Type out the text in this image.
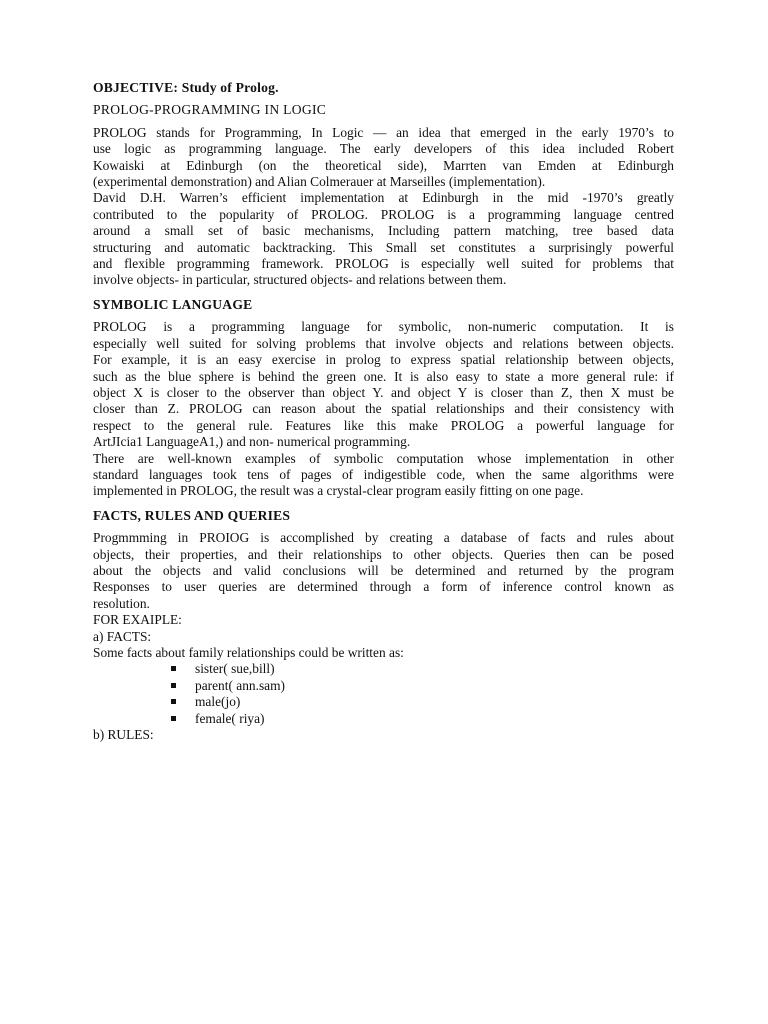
OBJECTIVE: Study of Prolog.
PROLOG-PROGRAMMING IN LOGIC
PROLOG stands for Programming, In Logic — an idea that emerged in the early 1970’s to
use logic as programming language. The early developers of this idea included Robert
Kowaiski at Edinburgh (on the theoretical side), Marrten van Emden at Edinburgh
(experimental demonstration) and Alian Colmerauer at Marseilles (implementation).
David D.H. Warren’s efficient implementation at Edinburgh in the mid -1970’s greatly
contributed to the popularity of PROLOG. PROLOG is a programming language centred
around a small set of basic mechanisms, Including pattern matching, tree based data
structuring and automatic backtracking. This Small set constitutes a surprisingly powerful
and flexible programming framework. PROLOG is especially well suited for problems that
involve objects- in particular, structured objects- and relations between them.
SYMBOLIC LANGUAGE
PROLOG is a programming language for symbolic, non-numeric computation. It is
especially well suited for solving problems that involve objects and relations between objects.
For example, it is an easy exercise in prolog to express spatial relationship between objects,
such as the blue sphere is behind the green one. It is also easy to state a more general rule: if
object X is closer to the observer than object Y. and object Y is closer than Z, then X must be
closer than Z. PROLOG can reason about the spatial relationships and their consistency with
respect to the general rule. Features like this make PROLOG a powerful language for
ArtJIcia1 LanguageA1,) and non- numerical programming.
There are well-known examples of symbolic computation whose implementation in other
standard languages took tens of pages of indigestible code, when the same algorithms were
implemented in PROLOG, the result was a crystal-clear program easily fitting on one page.
FACTS, RULES AND QUERIES
Progmmming in PROIOG is accomplished by creating a database of facts and rules about
objects, their properties, and their relationships to other objects. Queries then can be posed
about the objects and valid conclusions will be determined and returned by the program
Responses to user queries are determined through a form of inference control known as
resolution.
FOR EXAIPLE:
a) FACTS:
Some facts about family relationships could be written as:
sister( sue,bill)
parent( ann.sam)
male(jo)
female( riya)
b) RULES:
